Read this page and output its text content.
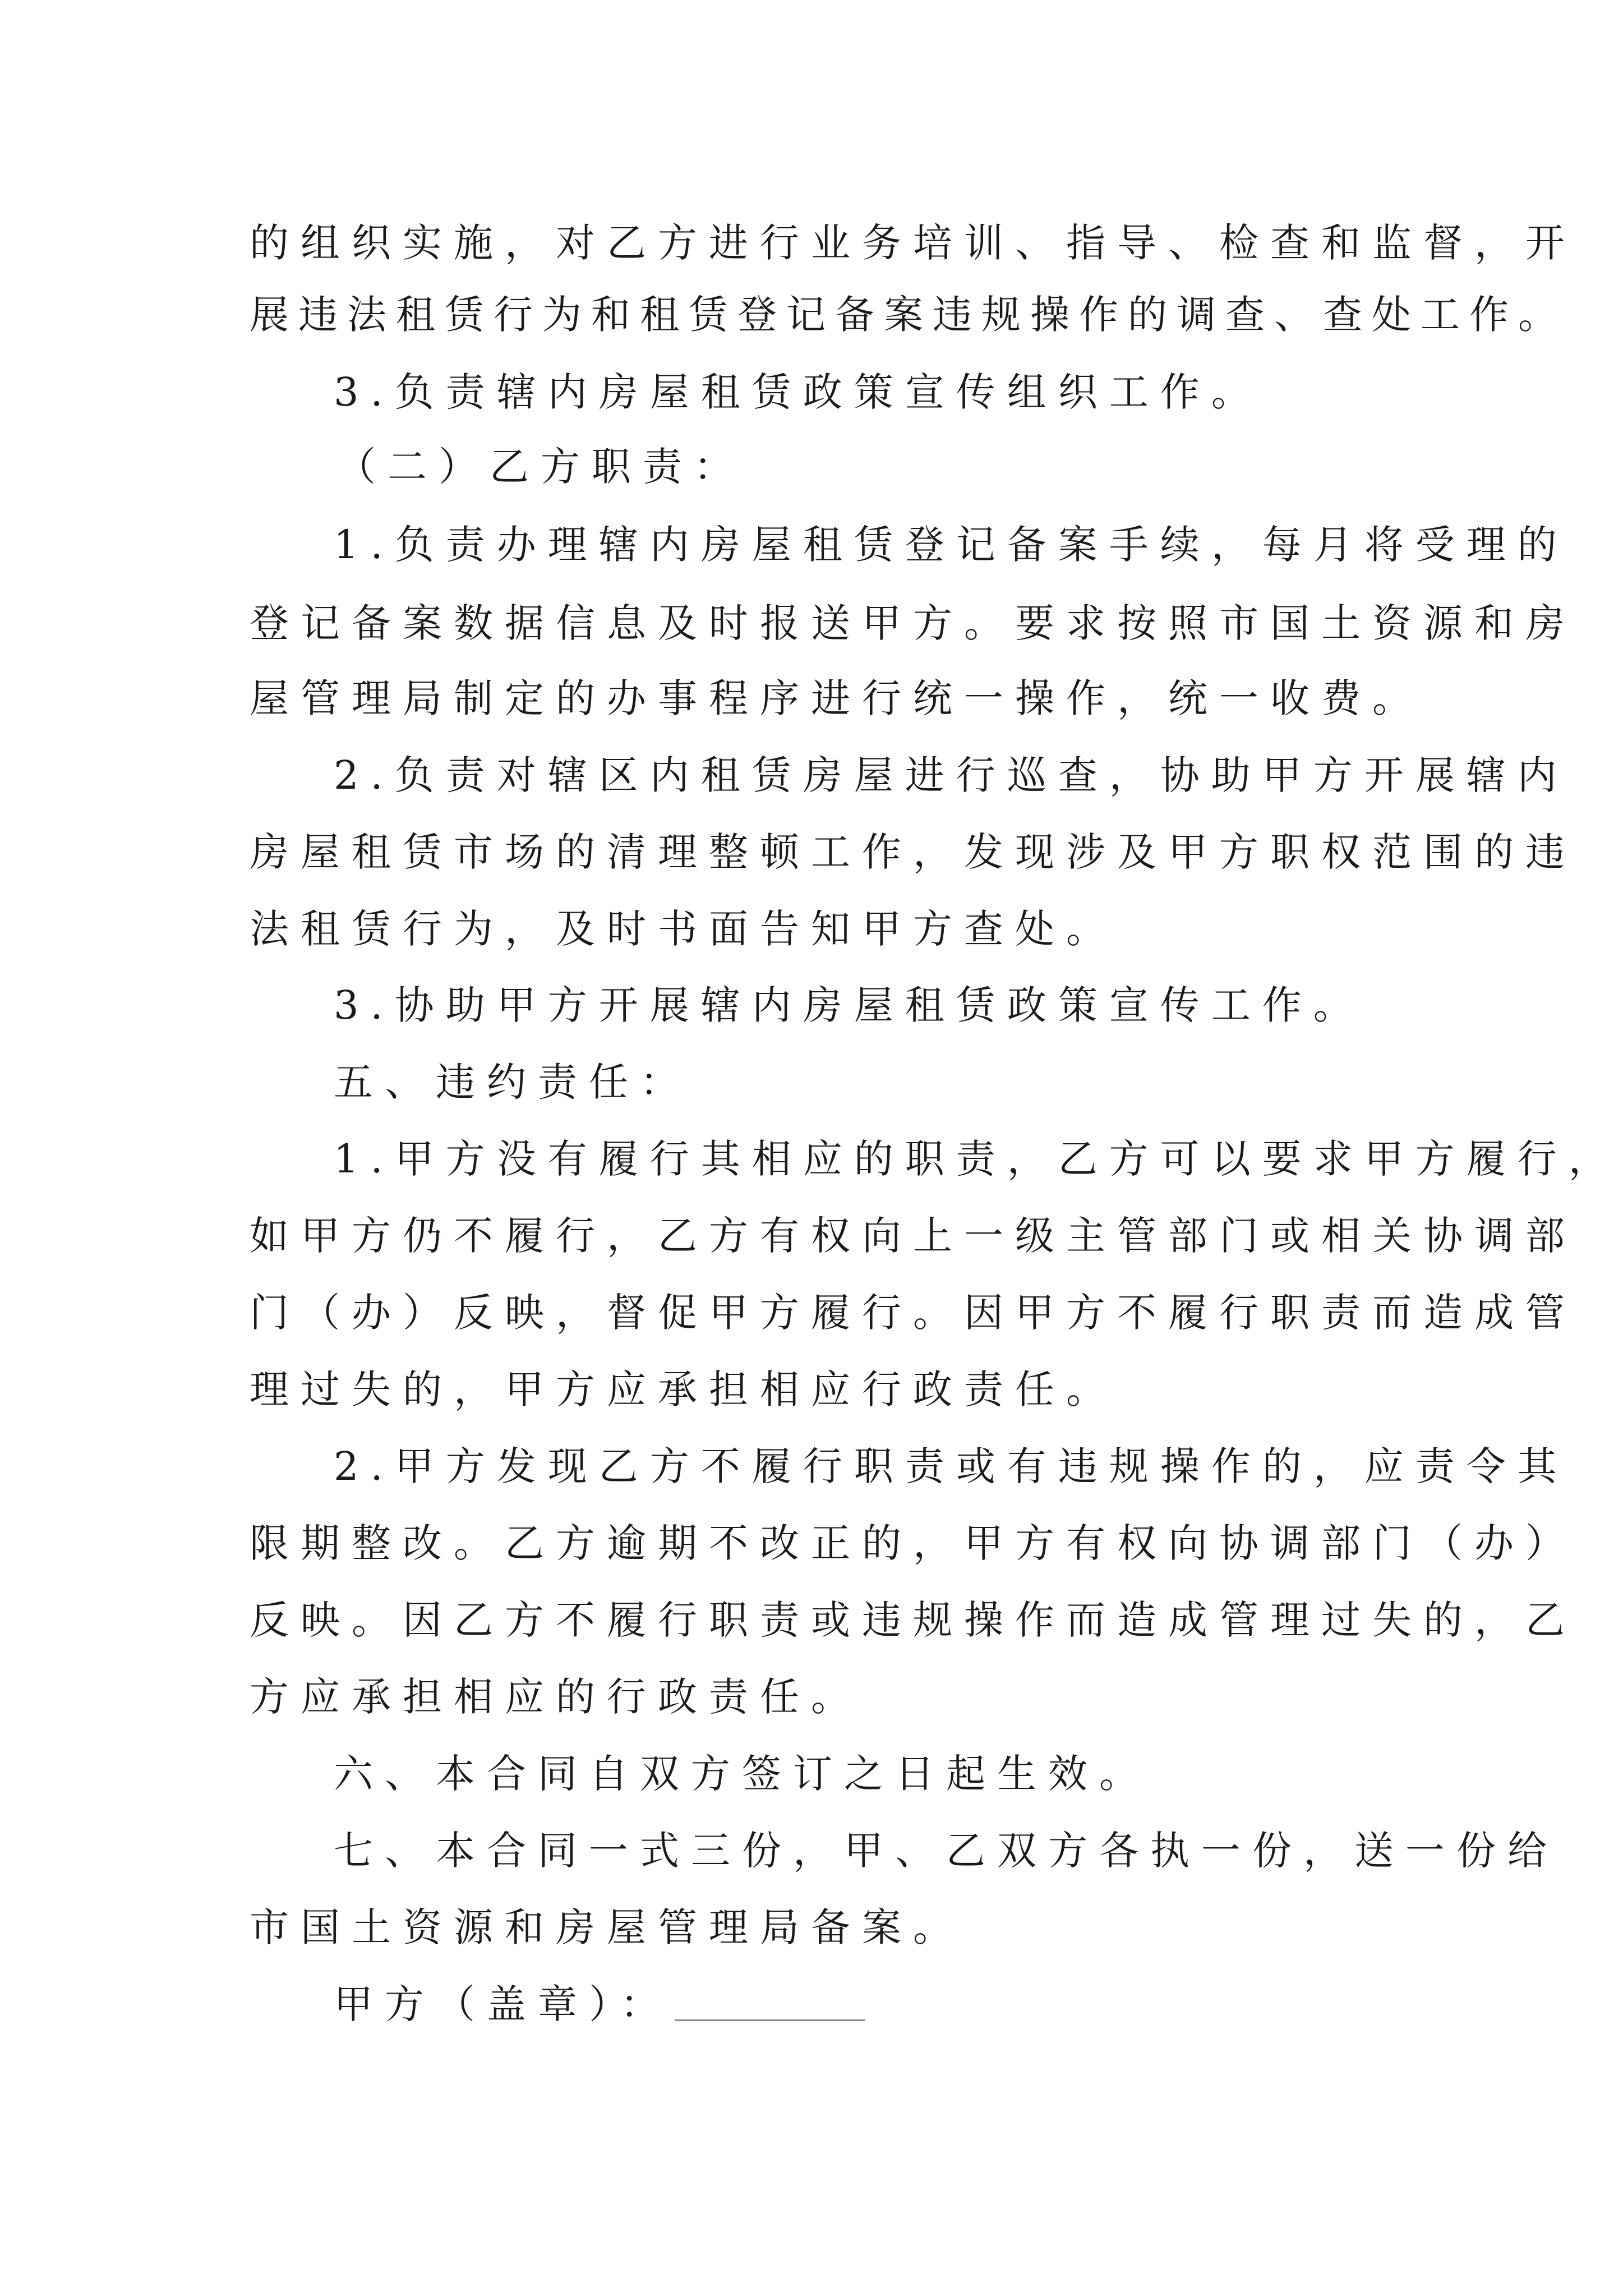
的组织实施，对乙方进行业务培训、指导、检查和监督，开
展违法租赁行为和租赁登记备案违规操作的调查、查处工作。
3.负责辖内房屋租赁政策宣传组织工作。
（二）乙方职责：
1.负责办理辖内房屋租赁登记备案手续，每月将受理的
登记备案数据信息及时报送甲方。要求按照市国土资源和房
屋管理局制定的办事程序进行统一操作，统一收费。
2.负责对辖区内租赁房屋进行巡查，协助甲方开展辖内
房屋租赁市场的清理整顿工作，发现涉及甲方职权范围的违
法租赁行为，及时书面告知甲方查处。
3.协助甲方开展辖内房屋租赁政策宣传工作。
五、违约责任：
1.甲方没有履行其相应的职责，乙方可以要求甲方履行，
如甲方仍不履行，乙方有权向上一级主管部门或相关协调部
门（办）反映，督促甲方履行。因甲方不履行职责而造成管
理过失的，甲方应承担相应行政责任。
2.甲方发现乙方不履行职责或有违规操作的，应责令其
限期整改。乙方逾期不改正的，甲方有权向协调部门（办）
反映。因乙方不履行职责或违规操作而造成管理过失的，乙
方应承担相应的行政责任。
六、本合同自双方签订之日起生效。
七、本合同一式三份，甲、乙双方各执一份，送一份给
市国土资源和房屋管理局备案。
甲方（盖章）：
